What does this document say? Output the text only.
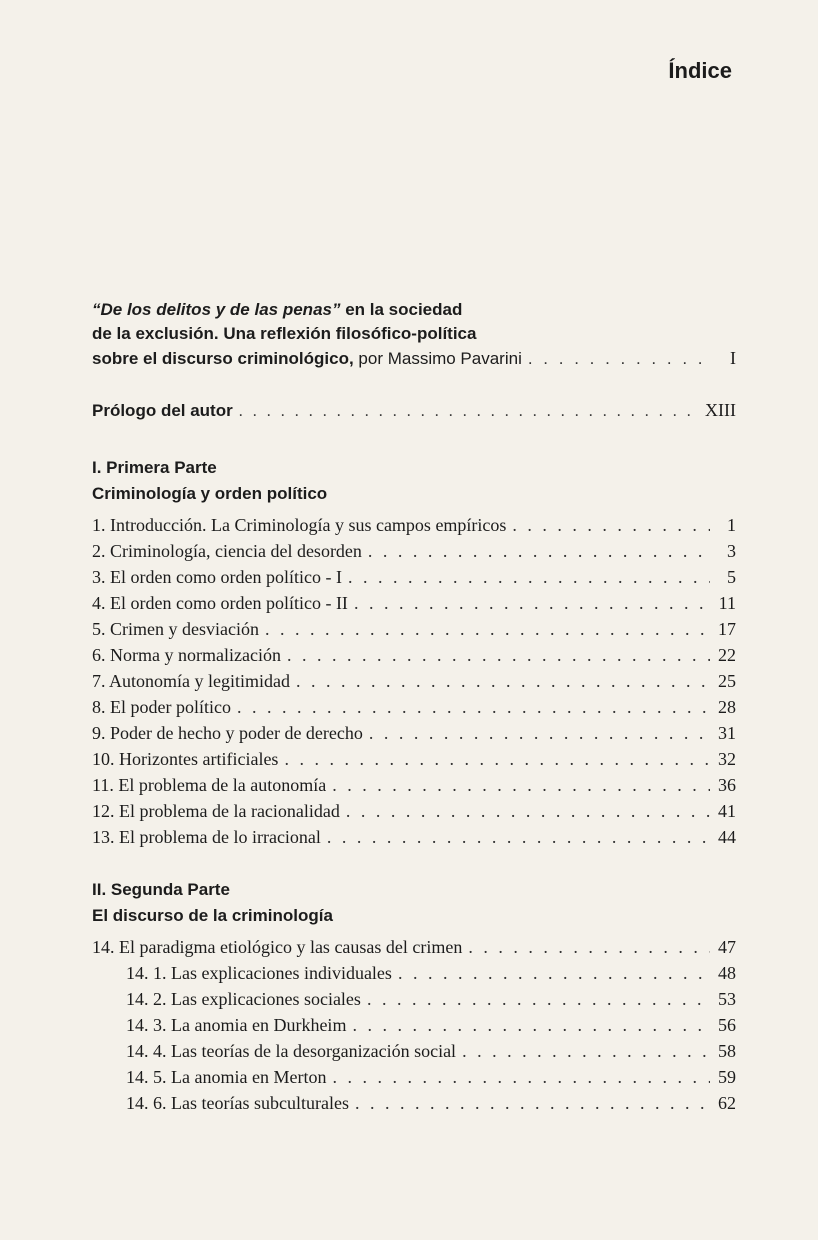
Índice
“De los delitos y de las penas” en la sociedad
de la exclusión. Una reflexión filosófico-política
sobre el discurso criminológico, por Massimo Pavarini . . .	I
Prólogo del autor . . .	XIII
I. Primera Parte
Criminología y orden político
1. Introducción. La Criminología y sus campos empíricos . . .	1
2. Criminología, ciencia del desorden . . .	3
3. El orden como orden político - I . . .	5
4. El orden como orden político - II . . .	11
5. Crimen y desviación . . .	17
6. Norma y normalización . . .	22
7. Autonomía y legitimidad . . .	25
8. El poder político . . .	28
9. Poder de hecho y poder de derecho . . .	31
10. Horizontes artificiales . . .	32
11. El problema de la autonomía . . .	36
12. El problema de la racionalidad . . .	41
13. El problema de lo irracional . . .	44
II. Segunda Parte
El discurso de la criminología
14. El paradigma etiológico y las causas del crimen . . .	47
14. 1. Las explicaciones individuales . . .	48
14. 2. Las explicaciones sociales . . .	53
14. 3. La anomia en Durkheim . . .	56
14. 4. Las teorías de la desorganización social . . .	58
14. 5. La anomia en Merton . . .	59
14. 6. Las teorías subculturales . . .	62
